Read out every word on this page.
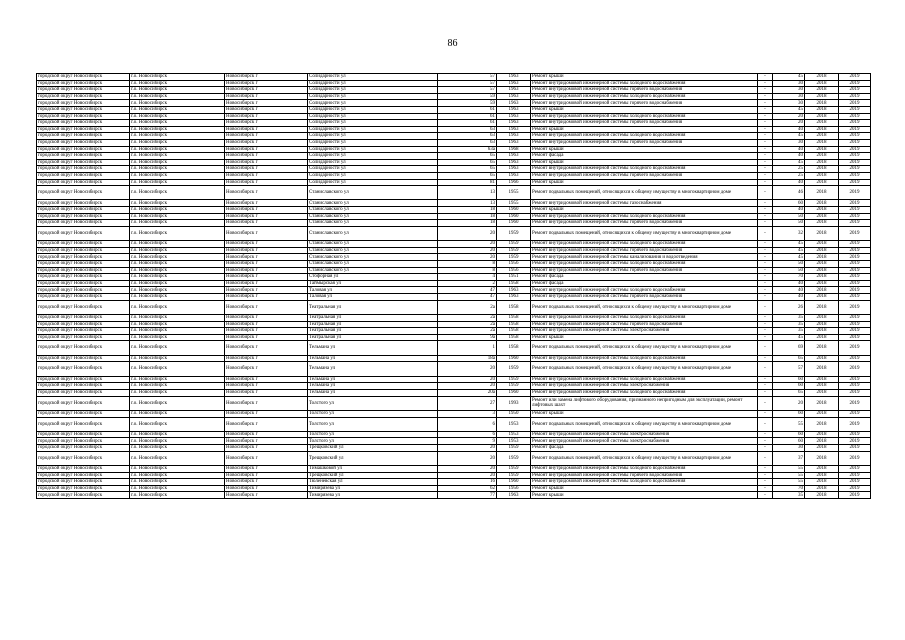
86
городской округ Новосибирск	г.о. Новосибирск	Новосибирск г	Солидарности ул	57	1963	Ремонт крыши	-	45	2018	2019
городской округ Новосибирск	г.о. Новосибирск	Новосибирск г	Солидарности ул	57	1963	Ремонт внутридомовой инженерной системы холодного водоснабжения	-	30	2018	2019
городской округ Новосибирск	г.о. Новосибирск	Новосибирск г	Солидарности ул	57	1963	Ремонт внутридомовой инженерной системы горячего водоснабжения	-	30	2018	2019
городской округ Новосибирск	г.о. Новосибирск	Новосибирск г	Солидарности ул	59	1963	Ремонт внутридомовой инженерной системы холодного водоснабжения	-	30	2018	2019
городской округ Новосибирск	г.о. Новосибирск	Новосибирск г	Солидарности ул	59	1963	Ремонт внутридомовой инженерной системы горячего водоснабжения	-	30	2018	2019
городской округ Новосибирск	г.о. Новосибирск	Новосибирск г	Солидарности ул	61	1963	Ремонт крыши	-	45	2018	2019
городской округ Новосибирск	г.о. Новосибирск	Новосибирск г	Солидарности ул	61	1963	Ремонт внутридомовой инженерной системы холодного водоснабжения	-	20	2018	2019
городской округ Новосибирск	г.о. Новосибирск	Новосибирск г	Солидарности ул	61	1963	Ремонт внутридомовой инженерной системы горячего водоснабжения	-	20	2018	2019
городской округ Новосибирск	г.о. Новосибирск	Новосибирск г	Солидарности ул	63	1963	Ремонт крыши	-	40	2018	2019
городской округ Новосибирск	г.о. Новосибирск	Новосибирск г	Солидарности ул	63	1963	Ремонт внутридомовой инженерной системы холодного водоснабжения	-	45	2018	2019
городской округ Новосибирск	г.о. Новосибирск	Новосибирск г	Солидарности ул	63	1963	Ремонт внутридомовой инженерной системы горячего водоснабжения	-	30	2018	2019
городской округ Новосибирск	г.о. Новосибирск	Новосибирск г	Солидарности ул	63а	1968	Ремонт крыши	-	40	2018	2019
городской округ Новосибирск	г.о. Новосибирск	Новосибирск г	Солидарности ул	65	1963	Ремонт фасада	-	40	2018	2019
городской округ Новосибирск	г.о. Новосибирск	Новосибирск г	Солидарности ул	65	1963	Ремонт крыши	-	45	2018	2019
городской округ Новосибирск	г.о. Новосибирск	Новосибирск г	Солидарности ул	65	1963	Ремонт внутридомовой инженерной системы холодного водоснабжения	-	25	2018	2019
городской округ Новосибирск	г.о. Новосибирск	Новосибирск г	Солидарности ул	65	1963	Ремонт внутридомовой инженерной системы горячего водоснабжения	-	25	2018	2019
городской округ Новосибирск	г.о. Новосибирск	Новосибирск г	Солидарности ул	81	1966	Ремонт крыши	-	40	2018	2019
городской округ Новосибирск	г.о. Новосибирск	Новосибирск г	Станиславского ул	13	1955	Ремонт подвальных помещений, относящихся к общему имуществу в многоквартирном доме	-	46	2018	2019
городской округ Новосибирск	г.о. Новосибирск	Новосибирск г	Станиславского ул	13	1955	Ремонт внутридомовой инженерной системы газоснабжения	-	60	2018	2019
городской округ Новосибирск	г.о. Новосибирск	Новосибирск г	Станиславского ул	18	1960	Ремонт крыши	-	40	2018	2019
городской округ Новосибирск	г.о. Новосибирск	Новосибирск г	Станиславского ул	18	1960	Ремонт внутридомовой инженерной системы холодного водоснабжения	-	50	2018	2019
городской округ Новосибирск	г.о. Новосибирск	Новосибирск г	Станиславского ул	18	1960	Ремонт внутридомовой инженерной системы горячего водоснабжения	-	50	2018	2019
городской округ Новосибирск	г.о. Новосибирск	Новосибирск г	Станиславского ул	20	1959	Ремонт подвальных помещений, относящихся к общему имуществу в многоквартирном доме	-	32	2018	2019
городской округ Новосибирск	г.о. Новосибирск	Новосибирск г	Станиславского ул	20	1959	Ремонт внутридомовой инженерной системы холодного водоснабжения	-	45	2018	2019
городской округ Новосибирск	г.о. Новосибирск	Новосибирск г	Станиславского ул	20	1959	Ремонт внутридомовой инженерной системы горячего водоснабжения	-	45	2018	2019
городской округ Новосибирск	г.о. Новосибирск	Новосибирск г	Станиславского ул	20	1959	Ремонт внутридомовой инженерной системы канализования и водоотведения	-	45	2018	2019
городской округ Новосибирск	г.о. Новосибирск	Новосибирск г	Станиславского ул	8	1956	Ремонт внутридомовой инженерной системы холодного водоснабжения	-	50	2018	2019
городской округ Новосибирск	г.о. Новосибирск	Новосибирск г	Станиславского ул	8	1956	Ремонт внутридомовой инженерной системы горячего водоснабжения	-	50	2018	2019
городской округ Новосибирск	г.о. Новосибирск	Новосибирск г	Стофорная ул	4	1951	Ремонт фасада	-	70	2018	2019
городской округ Новосибирск	г.о. Новосибирск	Новосибирск г	Таймырская ул	2	1958	Ремонт фасада	-	40	2018	2019
городской округ Новосибирск	г.о. Новосибирск	Новосибирск г	Таловая ул	47	1963	Ремонт внутридомовой инженерной системы холодного водоснабжения	-	40	2018	2019
городской округ Новосибирск	г.о. Новосибирск	Новосибирск г	Таловая ул	47	1963	Ремонт внутридомовой инженерной системы горячего водоснабжения	-	40	2018	2019
городской округ Новосибирск	г.о. Новосибирск	Новосибирск г	Театральная ул	2а	1958	Ремонт подвальных помещений, относящихся к общему имуществу в многоквартирном доме	-	26	2018	2019
городской округ Новосибирск	г.о. Новосибирск	Новосибирск г	Театральная ул	2а	1958	Ремонт внутридомовой инженерной системы холодного водоснабжения	-	35	2018	2019
городской округ Новосибирск	г.о. Новосибирск	Новосибирск г	Театральная ул	2а	1958	Ремонт внутридомовой инженерной системы горячего водоснабжения	-	35	2018	2019
городской округ Новосибирск	г.о. Новосибирск	Новосибирск г	Театральная ул	2а	1958	Ремонт внутридомовой инженерной системы электроснабжения	-	35	2018	2019
городской округ Новосибирск	г.о. Новосибирск	Новосибирск г	Театральная ул	9а	1958	Ремонт крыши	-	45	2018	2019
городской округ Новосибирск	г.о. Новосибирск	Новосибирск г	Тельмана ул	1	1958	Ремонт подвальных помещений, относящихся к общему имуществу в многоквартирном доме	-	69	2018	2019
городской округ Новосибирск	г.о. Новосибирск	Новосибирск г	Тельмана ул	18а	1960	Ремонт внутридомовой инженерной системы холодного водоснабжения	-	65	2018	2019
городской округ Новосибирск	г.о. Новосибирск	Новосибирск г	Тельмана ул	20	1959	Ремонт подвальных помещений, относящихся к общему имуществу в многоквартирном доме	-	57	2018	2019
городской округ Новосибирск	г.о. Новосибирск	Новосибирск г	Тельмана ул	20	1959	Ремонт внутридомовой инженерной системы холодного водоснабжения	-	60	2018	2019
городской округ Новосибирск	г.о. Новосибирск	Новосибирск г	Тельмана ул	20	1959	Ремонт внутридомовой инженерной системы электроснабжения	-	60	2018	2019
городской округ Новосибирск	г.о. Новосибирск	Новосибирск г	Тельмана ул	20а	1960	Ремонт внутридомовой инженерной системы холодного водоснабжения	-	65	2018	2019
городской округ Новосибирск	г.о. Новосибирск	Новосибирск г	Толстого ул	27	1993	Ремонт или замена лифтового оборудования, признанного непригодным для эксплуатации, ремонт лифтовых шахт	-	20	2018	2019
городской округ Новосибирск	г.о. Новосибирск	Новосибирск г	Толстого ул	3	1950	Ремонт крыши	-	60	2018	2019
городской округ Новосибирск	г.о. Новосибирск	Новосибирск г	Толстого ул	6	1953	Ремонт подвальных помещений, относящихся к общему имуществу в многоквартирном доме	-	55	2018	2019
городской округ Новосибирск	г.о. Новосибирск	Новосибирск г	Толстого ул	6	1953	Ремонт внутридомовой инженерной системы электроснабжения	-	60	2018	2019
городской округ Новосибирск	г.о. Новосибирск	Новосибирск г	Толстого ул	9	1953	Ремонт внутридомовой инженерной системы электроснабжения	-	60	2018	2019
городской округ Новосибирск	г.о. Новосибирск	Новосибирск г	Трещковский ул	20	1959	Ремонт фасада	-	30	2018	2019
городской округ Новосибирск	г.о. Новосибирск	Новосибирск г	Трещковский ул	20	1959	Ремонт подвальных помещений, относящихся к общему имуществу в многоквартирном доме	-	37	2018	2019
городской округ Новосибирск	г.о. Новосибирск	Новосибирск г	Тимашковой ул	20	1959	Ремонт внутридомовой инженерной системы холодного водоснабжения	-	55	2018	2019
городской округ Новосибирск	г.о. Новосибирск	Новосибирск г	Трещковский ул	20	1959	Ремонт внутридомовой инженерной системы горячего водоснабжения	-	55	2018	2019
городской округ Новосибирск	г.о. Новосибирск	Новосибирск г	Тюленевская ул	16	1960	Ремонт внутридомовой инженерной системы холодного водоснабжения	-	55	2018	2019
городской округ Новосибирск	г.о. Новосибирск	Новосибирск г	Тимирязева ул	62	1956	Ремонт крыши	-	70	2018	2019
городской округ Новосибирск	г.о. Новосибирск	Новосибирск г	Тимирязева ул	77	1963	Ремонт крыши	-	35	2018	2019
